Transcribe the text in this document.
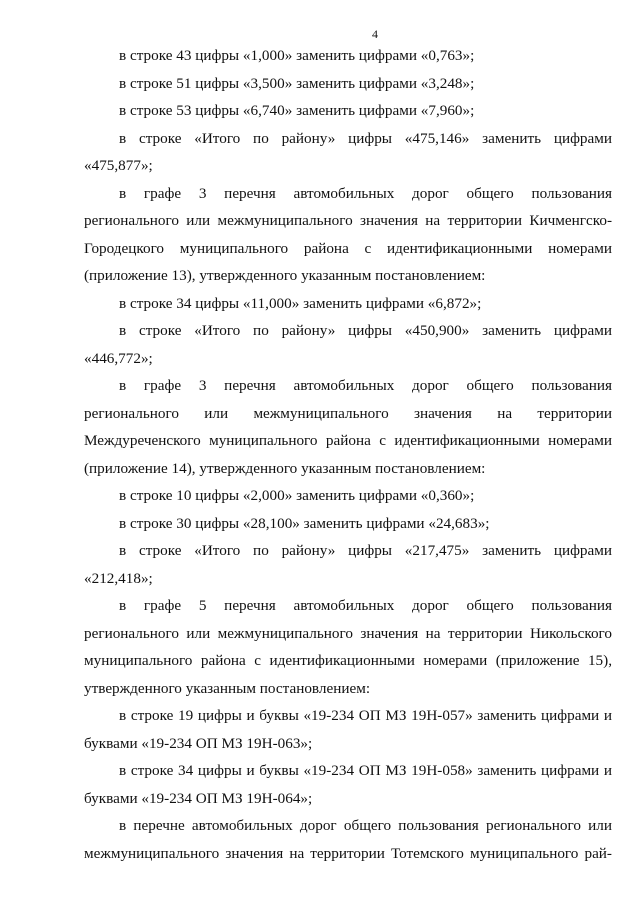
4

в строке 43 цифры «1,000» заменить цифрами «0,763»;

в строке 51 цифры «3,500» заменить цифрами «3,248»;

в строке 53 цифры «6,740» заменить цифрами «7,960»;

в строке «Итого по району» цифры «475,146» заменить цифрами «475,877»;

в графе 3 перечня автомобильных дорог общего пользования регионального или межмуниципального значения на территории Кичменгско-Городецкого муниципального района с идентификационными номерами (приложение 13), утвержденного указанным постановлением:

в строке 34 цифры «11,000» заменить цифрами «6,872»;

в строке «Итого по району» цифры «450,900» заменить цифрами «446,772»;

в графе 3 перечня автомобильных дорог общего пользования регионального или межмуниципального значения на территории Междуреченского муниципального района с идентификационными номерами (приложение 14), утвержденного указанным постановлением:

в строке 10 цифры «2,000» заменить цифрами «0,360»;

в строке 30 цифры «28,100» заменить цифрами «24,683»;

в строке «Итого по району» цифры «217,475» заменить цифрами «212,418»;

в графе 5 перечня автомобильных дорог общего пользования регионального или межмуниципального значения на территории Никольского муниципального района с идентификационными номерами (приложение 15), утвержденного указанным постановлением:

в строке 19 цифры и буквы «19-234 ОП МЗ 19Н-057» заменить цифрами и буквами «19-234 ОП МЗ 19Н-063»;

в строке 34 цифры и буквы «19-234 ОП МЗ 19Н-058» заменить цифрами и буквами «19-234 ОП МЗ 19Н-064»;

в перечне автомобильных дорог общего пользования регионального или межмуниципального значения на территории Тотемского муниципального рай-
